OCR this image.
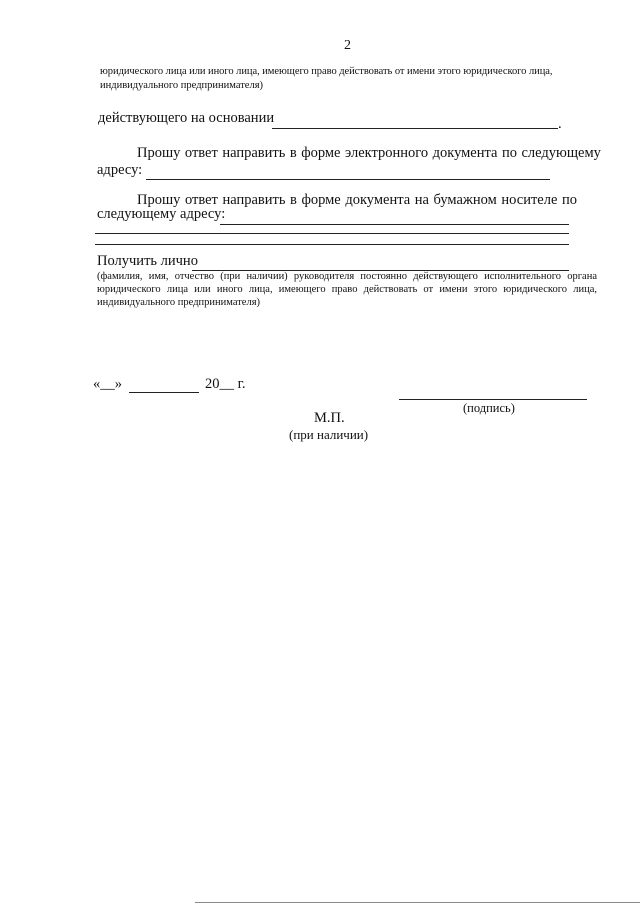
2
юридического лица или иного лица, имеющего право действовать от имени этого юридического лица,
индивидуального предпринимателя)
действующего на основании	.
Прошу ответ направить в форме электронного документа по следующему
адресу:
Прошу ответ направить в форме документа на бумажном носителе по
следующему адресу:
Получить лично
(фамилия, имя, отчество (при наличии) руководителя постоянно действующего исполнительного органа
юридического лица или иного лица, имеющего право действовать от имени этого юридического лица,
индивидуального предпринимателя)
«__»	20__ г.
(подпись)
М.П.
(при наличии)
